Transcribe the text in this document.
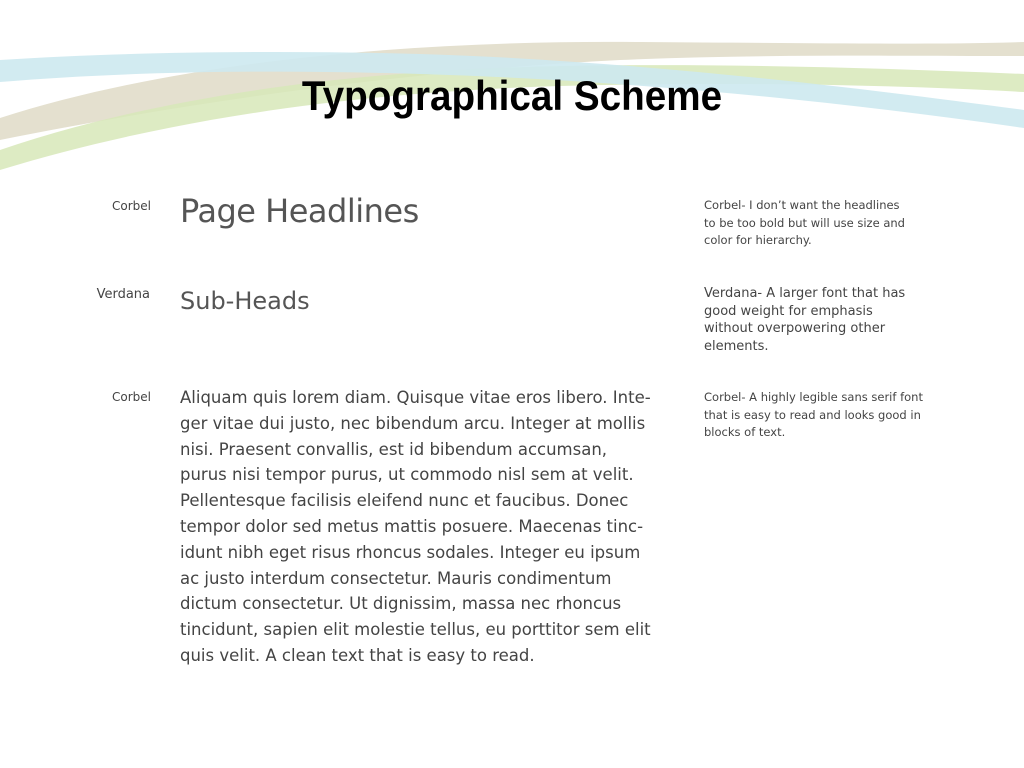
Typographical Scheme
Corbel Page Headlines	Corbel- I don’t want the headlines
to be too bold but will use size and
color for hierarchy.
Verdana Sub-Heads	Verdana- A larger font that has
good weight for emphasis
without overpowering other
elements.
Corbel Aliquam quis lorem diam. Quisque vitae eros libero. Inte-
ger vitae dui justo, nec bibendum arcu. Integer at mollis
nisi. Praesent convallis, est id bibendum accumsan,
purus nisi tempor purus, ut commodo nisl sem at velit.
Pellentesque facilisis eleifend nunc et faucibus. Donec
tempor dolor sed metus mattis posuere. Maecenas tinc-
idunt nibh eget risus rhoncus sodales. Integer eu ipsum
ac justo interdum consectetur. Mauris condimentum
dictum consectetur. Ut dignissim, massa nec rhoncus
tincidunt, sapien elit molestie tellus, eu porttitor sem elit
quis velit. A clean text that is easy to read.

Corbel- A highly legible sans serif font
that is easy to read and looks good in
blocks of text.
